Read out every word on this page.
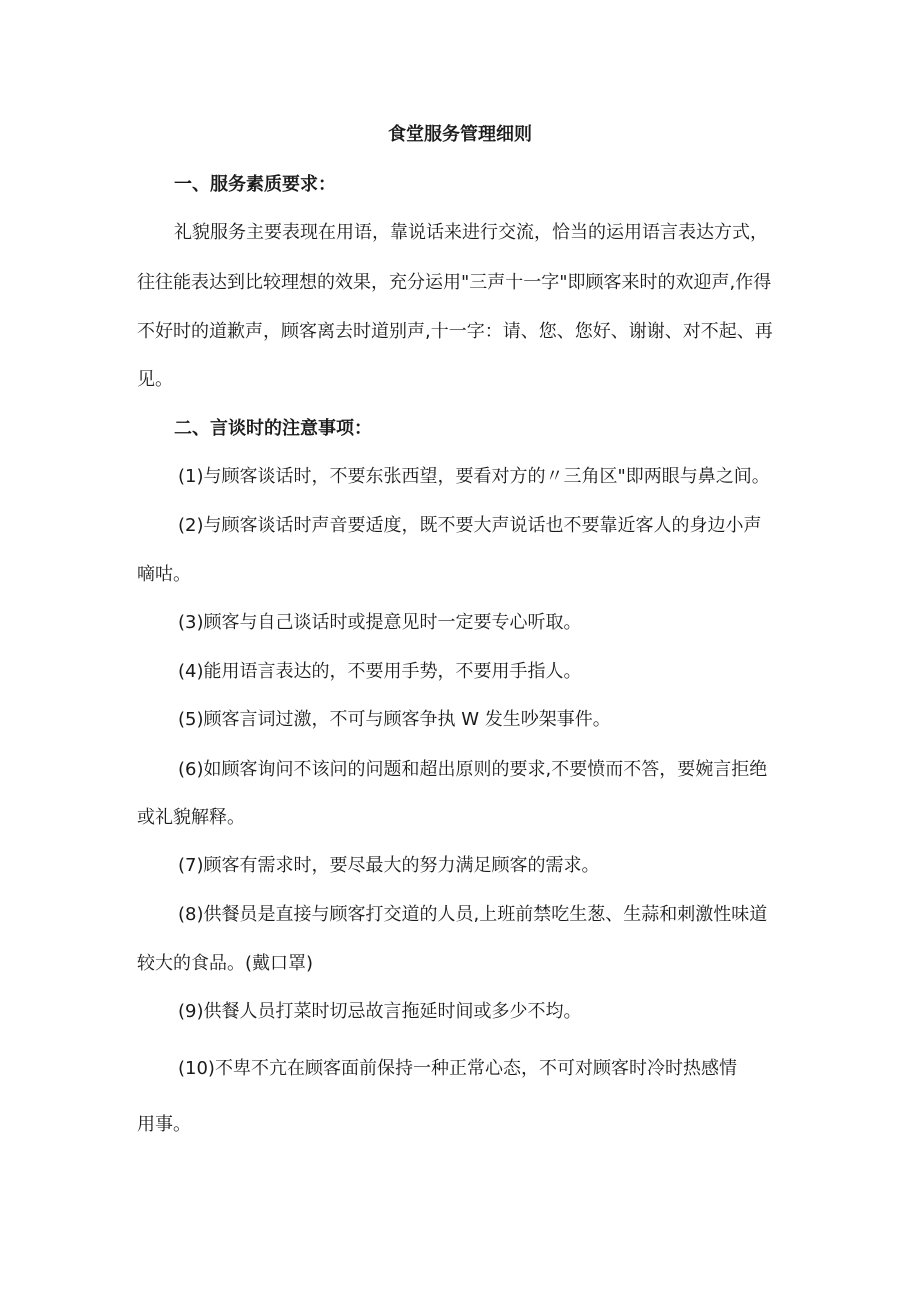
食堂服务管理细则
一、服务素质要求：
礼貌服务主要表现在用语，靠说话来进行交流，恰当的运用语言表达方式，
往往能表达到比较理想的效果，充分运用"三声十一字"即顾客来时的欢迎声,作得
不好时的道歉声，顾客离去时道别声,十一字：请、您、您好、谢谢、对不起、再
见。
二、言谈时的注意事项：
(1)与顾客谈话时，不要东张西望，要看对方的〃三角区"即两眼与鼻之间。
(2)与顾客谈话时声音要适度，既不要大声说话也不要靠近客人的身边小声
嘀咕。
(3)顾客与自己谈话时或提意见时一定要专心听取。
(4)能用语言表达的，不要用手势，不要用手指人。
(5)顾客言词过激，不可与顾客争执 W 发生吵架事件。
(6)如顾客询问不该问的问题和超出原则的要求,不要愤而不答，要婉言拒绝
或礼貌解释。
(7)顾客有需求时，要尽最大的努力满足顾客的需求。
(8)供餐员是直接与顾客打交道的人员,上班前禁吃生葱、生蒜和刺激性味道
较大的食品。(戴口罩)
(9)供餐人员打菜时切忌故言拖延时间或多少不均。
(10)不卑不亢在顾客面前保持一种正常心态，不可对顾客时冷时热感情
用事。
